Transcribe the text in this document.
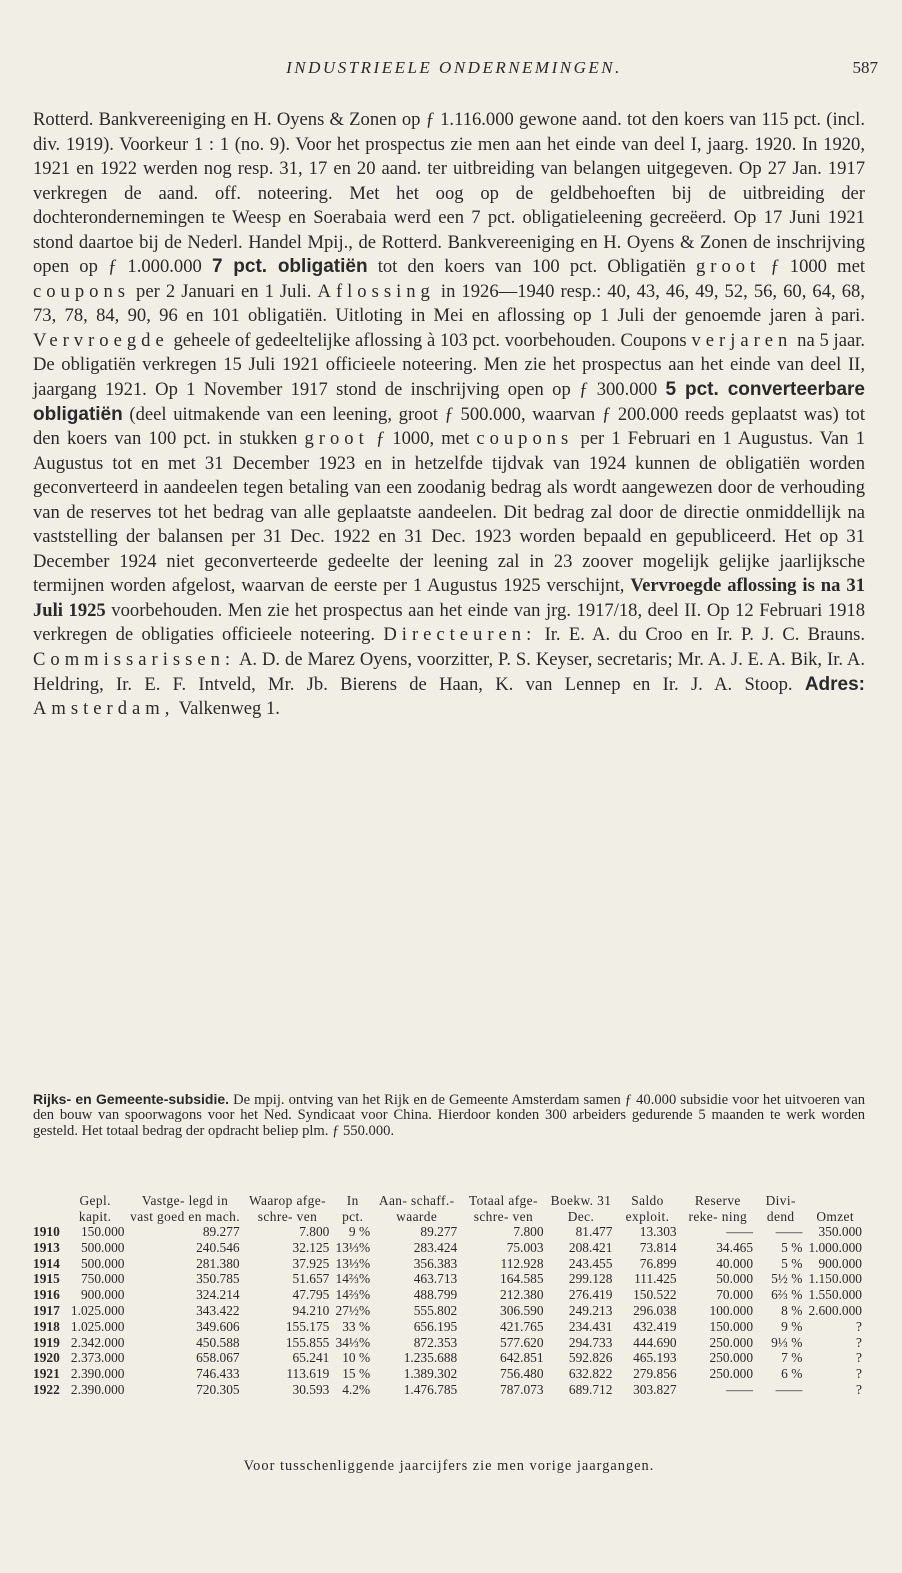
INDUSTRIEELE ONDERNEMINGEN.	587

Rotterd. Bankvereeniging en H. Oyens & Zonen op ƒ 1.116.000 gewone aand. tot den koers van 115 pct. (incl. div. 1919). Voorkeur 1 : 1 (no. 9). Voor het prospectus zie men aan het einde van deel I, jaarg. 1920. In 1920, 1921 en 1922 werden nog resp. 31, 17 en 20 aand. ter uitbreiding van belangen uitgegeven. Op 27 Jan. 1917 verkregen de aand. off. noteering. Met het oog op de geldbehoeften bij de uitbreiding der dochterondernemingen te Weesp en Soerabaia werd een 7 pct. obligatieleening gecreëerd. Op 17 Juni 1921 stond daartoe bij de Nederl. Handel Mpij., de Rotterd. Bankvereeniging en H. Oyens & Zonen de inschrijving open op ƒ 1.000.000 7 pct. obligatiën tot den koers van 100 pct. Obligatiën groot ƒ 1000 met coupons per 2 Januari en 1 Juli. Aflossing in 1926—1940 resp.: 40, 43, 46, 49, 52, 56, 60, 64, 68, 73, 78, 84, 90, 96 en 101 obligatiën. Uitloting in Mei en aflossing op 1 Juli der genoemde jaren à pari. Vervroegde geheele of gedeeltelijke aflossing à 103 pct. voorbehouden. Coupons verjaren na 5 jaar. De obligatiën verkregen 15 Juli 1921 officieele noteering. Men zie het prospectus aan het einde van deel II, jaargang 1921. Op 1 November 1917 stond de inschrijving open op ƒ 300.000 5 pct. converteerbare obligatiën (deel uitmakende van een leening, groot ƒ 500.000, waarvan ƒ 200.000 reeds geplaatst was) tot den koers van 100 pct. in stukken groot ƒ 1000, met coupons per 1 Februari en 1 Augustus. Van 1 Augustus tot en met 31 December 1923 en in hetzelfde tijdvak van 1924 kunnen de obligatiën worden geconverteerd in aandeelen tegen betaling van een zoodanig bedrag als wordt aangewezen door de verhouding van de reserves tot het bedrag van alle geplaatste aandeelen. Dit bedrag zal door de directie onmiddellijk na vaststelling der balansen per 31 Dec. 1922 en 31 Dec. 1923 worden bepaald en gepubliceerd. Het op 31 December 1924 niet geconverteerde gedeelte der leening zal in 23 zoover mogelijk gelijke jaarlijksche termijnen worden afgelost, waarvan de eerste per 1 Augustus 1925 verschijnt, Vervroegde aflossing is na 31 Juli 1925 voorbehouden. Men zie het prospectus aan het einde van jrg. 1917/18, deel II. Op 12 Februari 1918 verkregen de obligaties officieele noteering. Directeuren: Ir. E. A. du Croo en Ir. P. J. C. Brauns. Commissarissen: A. D. de Marez Oyens, voorzitter, P. S. Keyser, secretaris; Mr. A. J. E. A. Bik, Ir. A. Heldring, Ir. E. F. Intveld, Mr. Jb. Bierens de Haan, K. van Lennep en Ir. J. A. Stoop. Adres: Amsterdam, Valkenweg 1.

Rijks- en Gemeente-subsidie. De mpij. ontving van het Rijk en de Gemeente Amsterdam samen ƒ 40.000 subsidie voor het uitvoeren van den bouw van spoorwagons voor het Ned. Syndicaat voor China. Hierdoor konden 300 arbeiders gedurende 5 maanden te werk worden gesteld. Het totaal bedrag der opdracht beliep plm. ƒ 550.000.
	Gepl. kapit.	Vastge- legd in vast goed en mach.	Waarop afge- schre- ven	In pct.	Aan- schaff.- waarde	Totaal afge- schre- ven	Boekw. 31 Dec.	Saldo exploit.	Reserve reke- ning	Divi- dend	Omzet
1910	150.000	89.277	7.800	9 %	89.277	7.800	81.477	13.303	——	——	350.000
1913	500.000	240.546	32.125	13⅓%	283.424	75.003	208.421	73.814	34.465	5 %	1.000.000
1914	500.000	281.380	37.925	13⅓%	356.383	112.928	243.455	76.899	40.000	5 %	900.000
1915	750.000	350.785	51.657	14⅔%	463.713	164.585	299.128	111.425	50.000	5½ %	1.150.000
1916	900.000	324.214	47.795	14⅔%	488.799	212.380	276.419	150.522	70.000	6⅔ %	1.550.000
1917	1.025.000	343.422	94.210	27½%	555.802	306.590	249.213	296.038	100.000	8 %	2.600.000
1918	1.025.000	349.606	155.175	33 %	656.195	421.765	234.431	432.419	150.000	9 %	?
1919	2.342.000	450.588	155.855	34⅓%	872.353	577.620	294.733	444.690	250.000	9⅓ %	?
1920	2.373.000	658.067	65.241	10 %	1.235.688	642.851	592.826	465.193	250.000	7 %	?
1921	2.390.000	746.433	113.619	15 %	1.389.302	756.480	632.822	279.856	250.000	6 %	?
1922	2.390.000	720.305	30.593	4.2%	1.476.785	787.073	689.712	303.827	——	——	?
Voor tusschenliggende jaarcijfers zie men vorige jaargangen.
